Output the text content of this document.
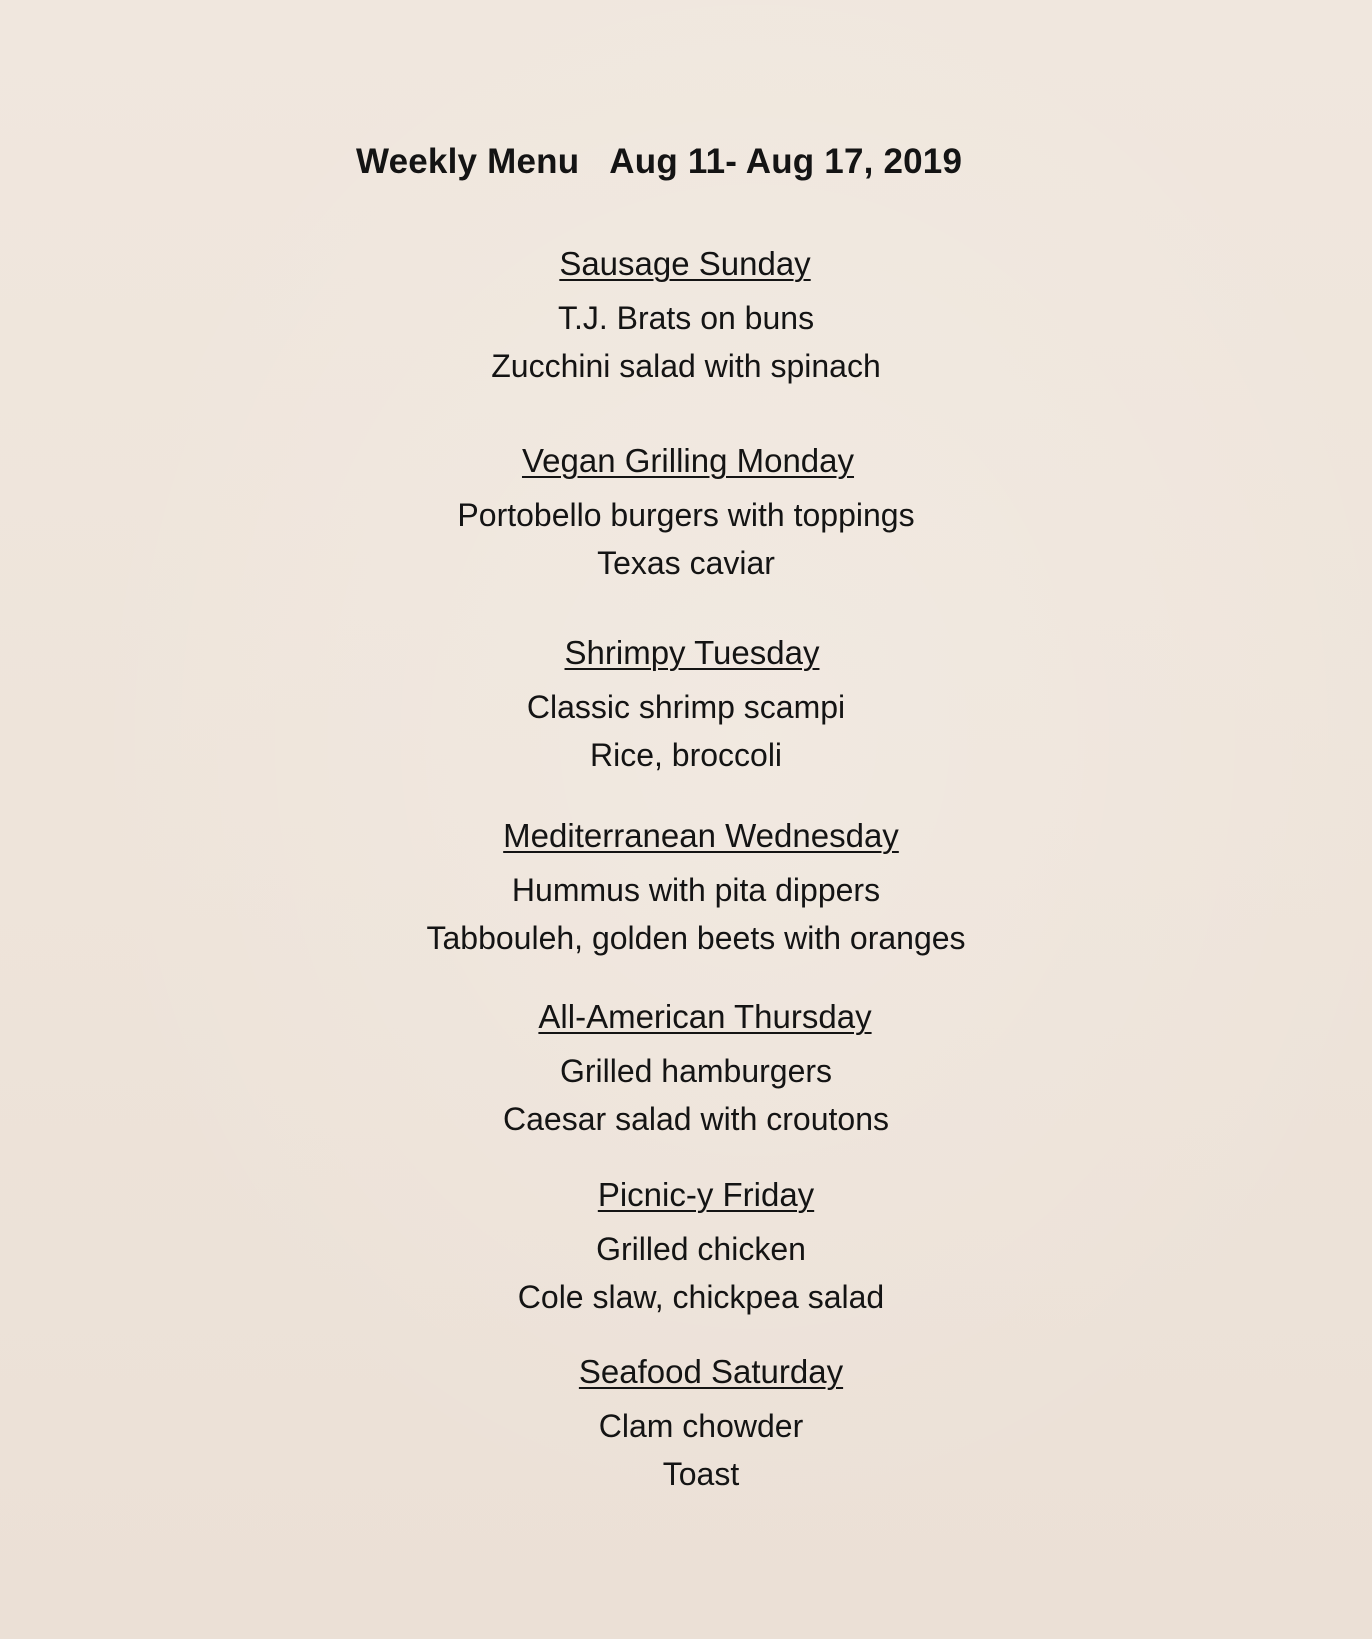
Weekly Menu Aug 11- Aug 17, 2019
Sausage Sunday
T.J. Brats on buns
Zucchini salad with spinach
Vegan Grilling Monday
Portobello burgers with toppings
Texas caviar
Shrimpy Tuesday
Classic shrimp scampi
Rice, broccoli
Mediterranean Wednesday
Hummus with pita dippers
Tabbouleh, golden beets with oranges
All-American Thursday
Grilled hamburgers
Caesar salad with croutons
Picnic-y Friday
Grilled chicken
Cole slaw, chickpea salad
Seafood Saturday
Clam chowder
Toast
